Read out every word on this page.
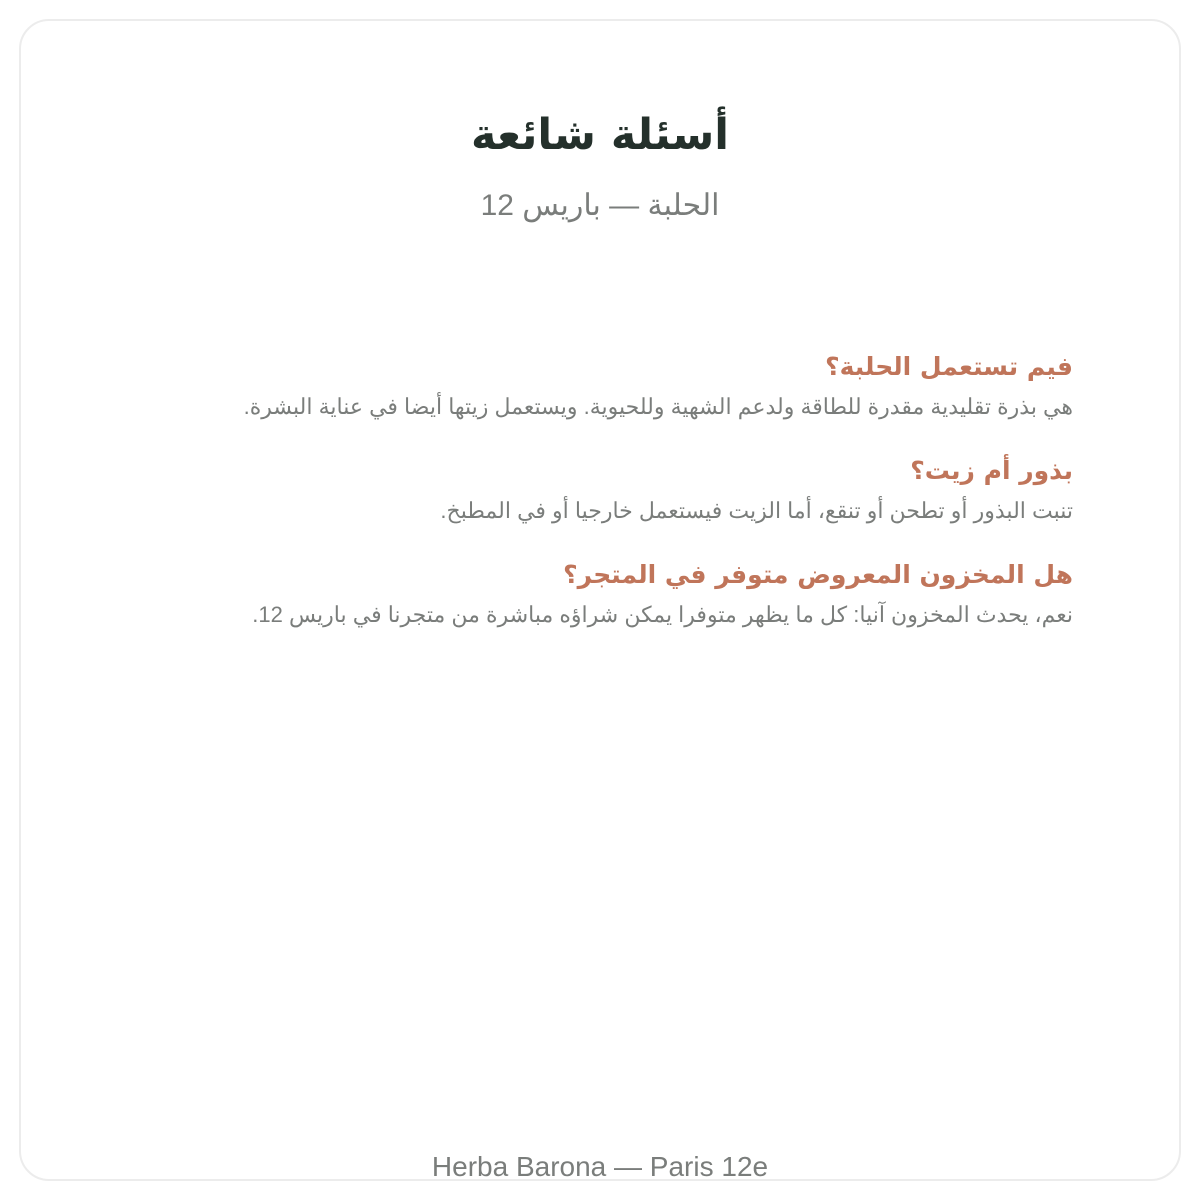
أسئلة شائعة
الحلبة — باريس 12
فيم تستعمل الحلبة؟
هي بذرة تقليدية مقدرة للطاقة ولدعم الشهية وللحيوية. ويستعمل زيتها أيضا في عناية البشرة.
بذور أم زيت؟
تنبت البذور أو تطحن أو تنقع، أما الزيت فيستعمل خارجيا أو في المطبخ.
هل المخزون المعروض متوفر في المتجر؟
نعم، يحدث المخزون آنيا: كل ما يظهر متوفرا يمكن شراؤه مباشرة من متجرنا في باريس 12.
Herba Barona — Paris 12e
